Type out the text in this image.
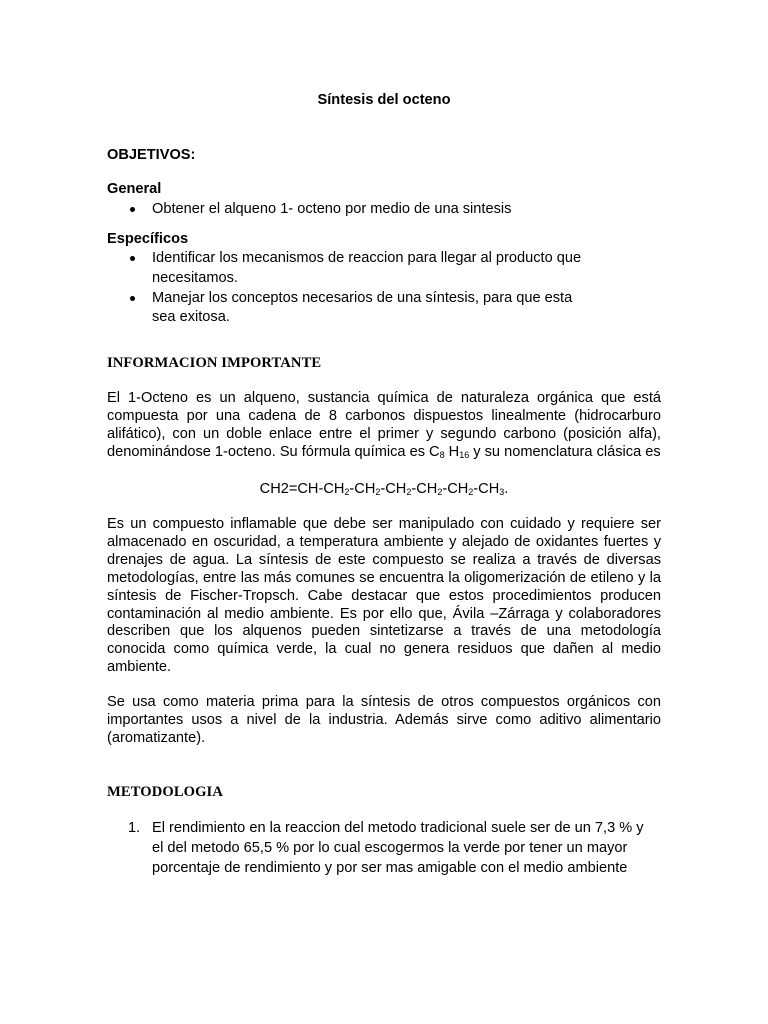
Síntesis del octeno
OBJETIVOS:
General
Obtener el alqueno 1- octeno por medio de una sintesis
Específicos
Identificar los mecanismos de reaccion para llegar al producto que necesitamos.
Manejar los conceptos necesarios de una síntesis, para que esta sea exitosa.
INFORMACION IMPORTANTE
El 1-Octeno es un alqueno, sustancia química de naturaleza orgánica que está compuesta por una cadena de 8 carbonos dispuestos linealmente (hidrocarburo alifático), con un doble enlace entre el primer y segundo carbono (posición alfa), denominándose 1-octeno. Su fórmula química es $C_8$ $H_{16}$ y su nomenclatura clásica es
$CH2=CH-CH_2-CH_2-CH_2-CH_2-CH_2-CH_3$.
Es un compuesto inflamable que debe ser manipulado con cuidado y requiere ser almacenado en oscuridad, a temperatura ambiente y alejado de oxidantes fuertes y drenajes de agua. La síntesis de este compuesto se realiza a través de diversas metodologías, entre las más comunes se encuentra la oligomerización de etileno y la síntesis de Fischer-Tropsch. Cabe destacar que estos procedimientos producen contaminación al medio ambiente. Es por ello que, Ávila –Zárraga y colaboradores describen que los alquenos pueden sintetizarse a través de una metodología conocida como química verde, la cual no genera residuos que dañen al medio ambiente.
Se usa como materia prima para la síntesis de otros compuestos orgánicos con importantes usos a nivel de la industria. Además sirve como aditivo alimentario (aromatizante).
METODOLOGIA
1. El rendimiento en la reaccion del metodo tradicional suele ser de un 7,3 % y el del metodo 65,5 % por lo cual escogermos la verde por tener un mayor porcentaje de rendimiento y por ser mas amigable con el medio ambiente
